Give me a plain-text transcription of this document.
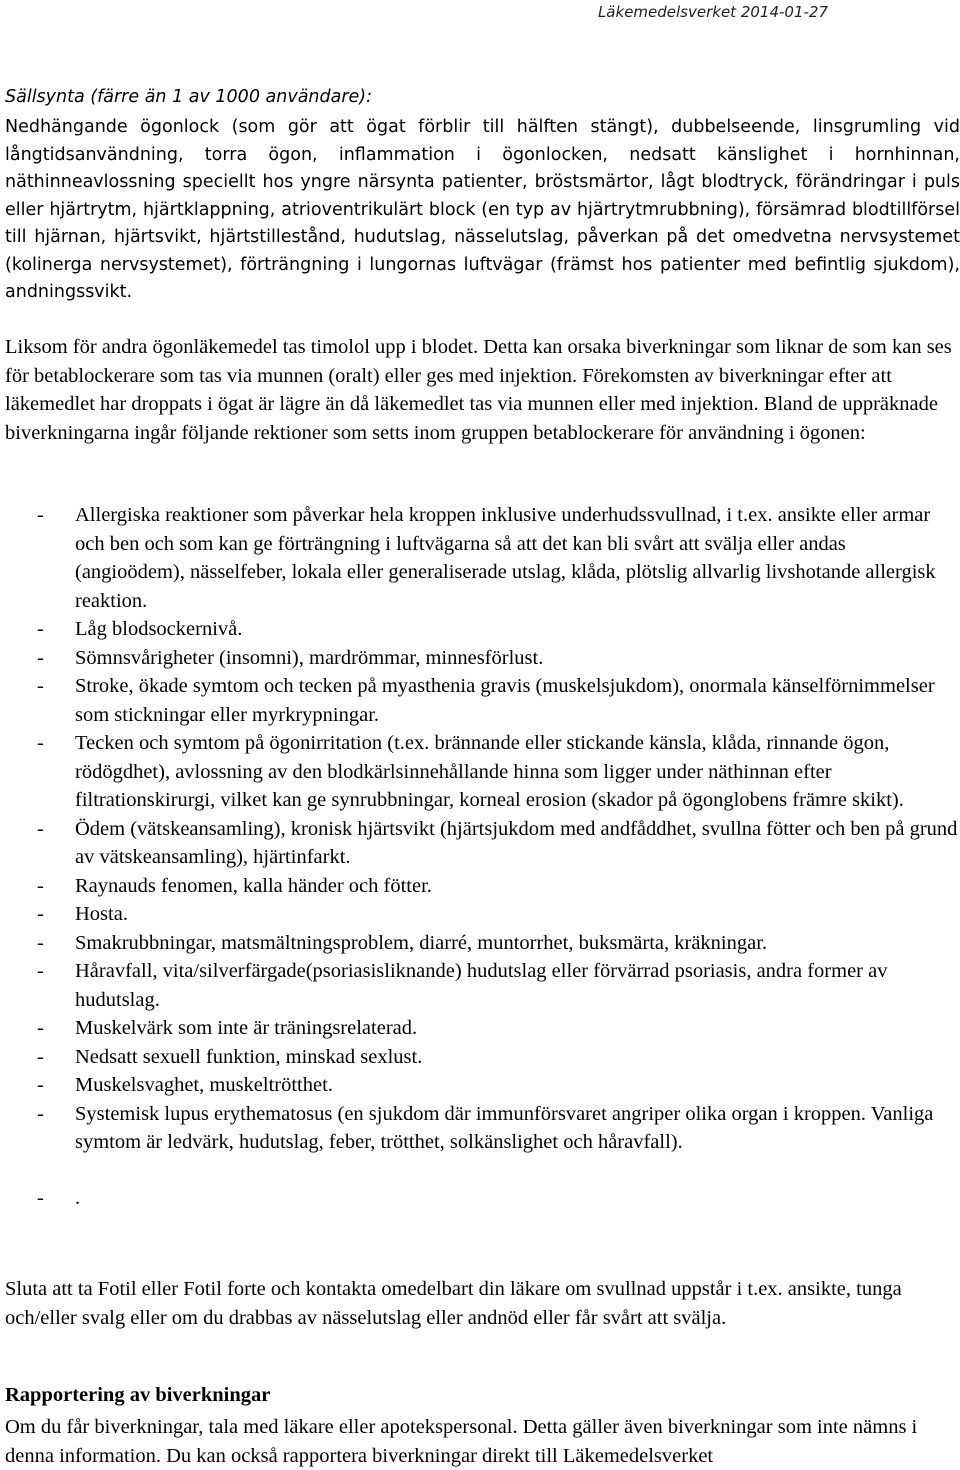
Läkemedelsverket 2014-01-27
Sällsynta (färre än 1 av 1000 användare):

Nedhängande ögonlock (som gör att ögat förblir till hälften stängt), dubbelseende, linsgrumling vid långtidsanvändning, torra ögon, inflammation i ögonlocken, nedsatt känslighet i hornhinnan, näthinneavlossning speciellt hos yngre närsynta patienter, bröstsmärtor, lågt blodtryck, förändringar i puls eller hjärtrytm, hjärtklappning, atrioventrikulärt block (en typ av hjärtrytmrubbning), försämrad blodtillförsel till hjärnan, hjärtsvikt, hjärtstillestånd, hudutslag, nässelutslag, påverkan på det omedvetna nervsystemet (kolinerga nervsystemet), förträngning i lungornas luftvägar (främst hos patienter med befintlig sjukdom), andningssvikt.

Liksom för andra ögonläkemedel tas timolol upp i blodet. Detta kan orsaka biverkningar som liknar de som kan ses för betablockerare som tas via munnen (oralt) eller ges med injektion. Förekomsten av biverkningar efter att läkemedlet har droppats i ögat är lägre än då läkemedlet tas via munnen eller med injektion. Bland de uppräknade biverkningarna ingår följande rektioner som setts inom gruppen betablockerare för användning i ögonen:

- Allergiska reaktioner som påverkar hela kroppen inklusive underhudssvullnad, i t.ex. ansikte eller armar och ben och som kan ge förträngning i luftvägarna så att det kan bli svårt att svälja eller andas (angioödem), nässelfeber, lokala eller generaliserade utslag, klåda, plötslig allvarlig livshotande allergisk reaktion.
- Låg blodsockernivå.
- Sömnsvårigheter (insomni), mardrömmar, minnesförlust.
- Stroke, ökade symtom och tecken på myasthenia gravis (muskelsjukdom), onormala känselförnimmelser som stickningar eller myrkrypningar.
- Tecken och symtom på ögonirritation (t.ex. brännande eller stickande känsla, klåda, rinnande ögon, rödögdhet), avlossning av den blodkärlsinnehållande hinna som ligger under näthinnan efter filtrationskirurgi, vilket kan ge synrubbningar, korneal erosion (skador på ögonglobens främre skikt).
- Ödem (vätskeansamling), kronisk hjärtsvikt (hjärtsjukdom med andfåddhet, svullna fötter och ben på grund av vätskeansamling), hjärtinfarkt.
- Raynauds fenomen, kalla händer och fötter.
- Hosta.
- Smakrubbningar, matsmältningsproblem, diarré, muntorrhet, buksmärta, kräkningar.
- Håravfall, vita/silverfärgade(psoriasisliknande) hudutslag eller förvärrad psoriasis, andra former av hudutslag.
- Muskelvärk som inte är träningsrelaterad.
- Nedsatt sexuell funktion, minskad sexlust.
- Muskelsvaghet, muskeltrötthet.
- Systemisk lupus erythematosus (en sjukdom där immunförsvaret angriper olika organ i kroppen. Vanliga symtom är ledvärk, hudutslag, feber, trötthet, solkänslighet och håravfall).
- .

Sluta att ta Fotil eller Fotil forte och kontakta omedelbart din läkare om svullnad uppstår i t.ex. ansikte, tunga och/eller svalg eller om du drabbas av nässelutslag eller andnöd eller får svårt att svälja.

Rapportering av biverkningar

Om du får biverkningar, tala med läkare eller apotekspersonal. Detta gäller även biverkningar som inte nämns i denna information. Du kan också rapportera biverkningar direkt till Läkemedelsverket
